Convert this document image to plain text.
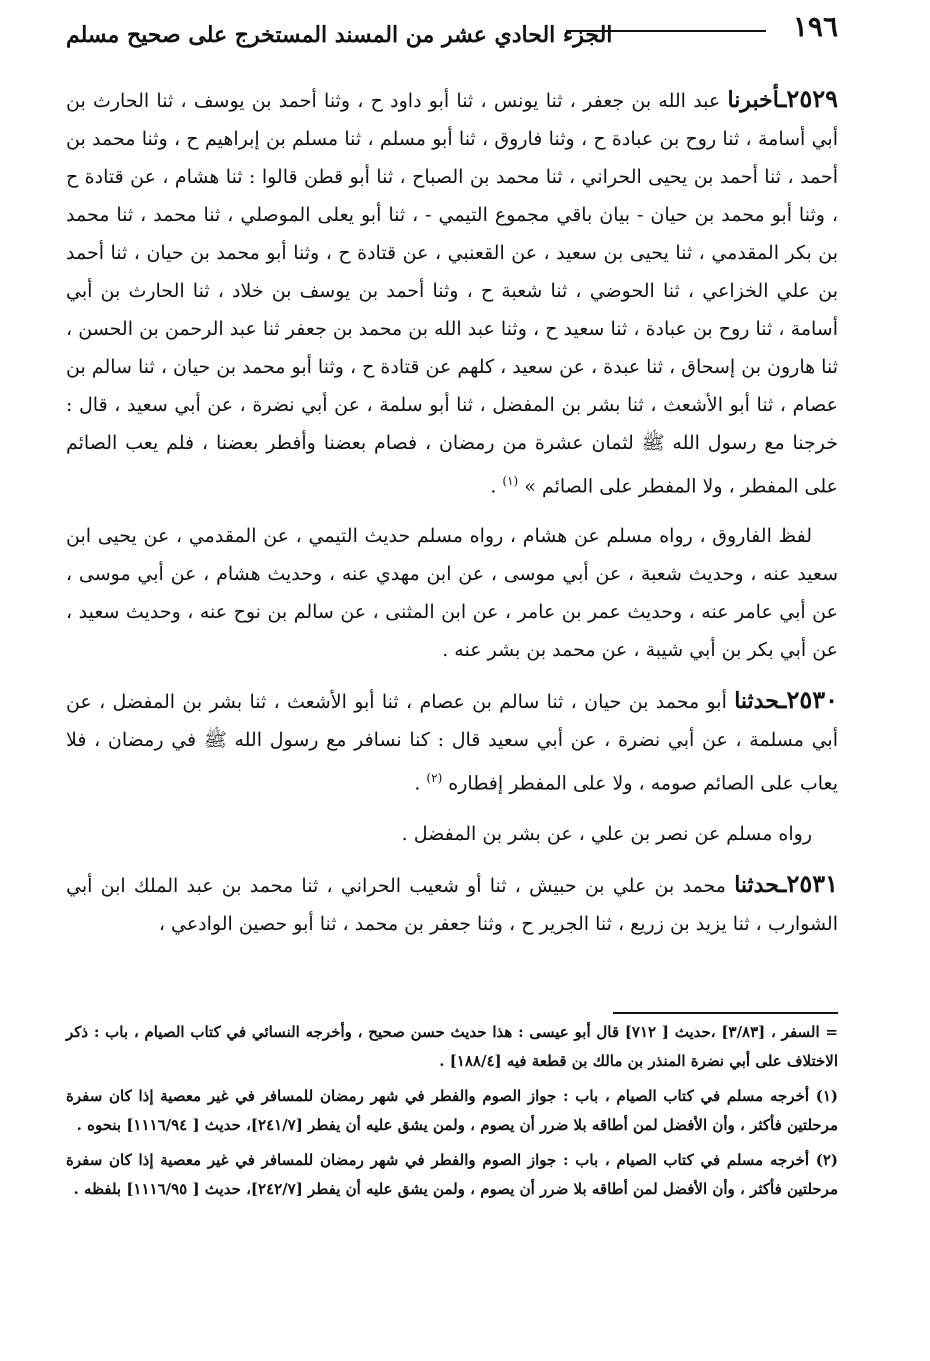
١٩٦
الجزء الحادي عشر من المسند المستخرج على صحيح مسلم

٢٥٢٩ـأخبرنا عبد الله بن جعفر ، ثنا يونس ، ثنا أبو داود ح ، وثنا أحمد بن يوسف ، ثنا الحارث بن أبي أسامة ، ثنا روح بن عبادة ح ، وثنا فاروق ، ثنا أبو مسلم ، ثنا مسلم بن إبراهيم ح ، وثنا محمد بن أحمد ، ثنا أحمد بن يحيى الحراني ، ثنا محمد بن الصباح ، ثنا أبو قطن قالوا : ثنا هشام ، عن قتادة ح ، وثنا أبو محمد بن حيان - بيان باقي مجموع التيمي - ، ثنا أبو يعلى الموصلي ، ثنا محمد ، ثنا محمد بن بكر المقدمي ، ثنا يحيى بن سعيد ، عن القعنبي ، عن قتادة ح ، وثنا أبو محمد بن حيان ، ثنا أحمد بن علي الخزاعي ، ثنا الحوضي ، ثنا شعبة ح ، وثنا أحمد بن يوسف بن خلاد ، ثنا الحارث بن أبي أسامة ، ثنا روح بن عبادة ، ثنا سعيد ح ، وثنا عبد الله بن محمد بن جعفر ثنا عبد الرحمن بن الحسن ، ثنا هارون بن إسحاق ، ثنا عبدة ، عن سعيد ، كلهم عن قتادة ح ، وثنا أبو محمد بن حيان ، ثنا سالم بن عصام ، ثنا أبو الأشعث ، ثنا بشر بن المفضل ، ثنا أبو سلمة ، عن أبي نضرة ، عن أبي سعيد ، قال : خرجنا مع رسول الله ﷺ لثمان عشرة من رمضان ، فصام بعضنا وأفطر بعضنا ، فلم يعب الصائم على المفطر ، ولا المفطر على الصائم » $^{(١)}$ .

لفظ الفاروق ، رواه مسلم عن هشام ، رواه مسلم حديث التيمي ، عن المقدمي ، عن يحيى ابن سعيد عنه ، وحديث شعبة ، عن أبي موسى ، عن ابن مهدي عنه ، وحديث هشام ، عن أبي موسى ، عن أبي عامر عنه ، وحديث عمر بن عامر ، عن ابن المثنى ، عن سالم بن نوح عنه ، وحديث سعيد ، عن أبي بكر بن أبي شيبة ، عن محمد بن بشر عنه .

٢٥٣٠ـحدثنا أبو محمد بن حيان ، ثنا سالم بن عصام ، ثنا أبو الأشعث ، ثنا بشر بن المفضل ، عن أبي مسلمة ، عن أبي نضرة ، عن أبي سعيد قال : كنا نسافر مع رسول الله ﷺ في رمضان ، فلا يعاب على الصائم صومه ، ولا على المفطر إفطاره $^{(٢)}$ .

رواه مسلم عن نصر بن علي ، عن بشر بن المفضل .

٢٥٣١ـحدثنا محمد بن علي بن حبيش ، ثنا أو شعيب الحراني ، ثنا محمد بن عبد الملك ابن أبي الشوارب ، ثنا يزيد بن زريع ، ثنا الجرير ح ، وثنا جعفر بن محمد ، ثنا أبو حصين الوادعي ،

= السفر ، [٣/٨٣] ،حديث [ ٧١٢] قال أبو عيسى : هذا حديث حسن صحيح ، وأخرجه النسائي في كتاب الصيام ، باب : ذكر الاختلاف على أبي نضرة المنذر بن مالك بن قطعة فيه [١٨٨/٤] .

(١) أخرجه مسلم في كتاب الصيام ، باب : جواز الصوم والفطر في شهر رمضان للمسافر في غير معصية إذا كان سفرة مرحلتين فأكثر ، وأن الأفضل لمن أطاقه بلا ضرر أن يصوم ، ولمن يشق عليه أن يفطر [٢٤١/٧]، حديث [ ١١١٦/٩٤] بنحوه .

(٢) أخرجه مسلم في كتاب الصيام ، باب : جواز الصوم والفطر في شهر رمضان للمسافر في غير معصية إذا كان سفرة مرحلتين فأكثر ، وأن الأفضل لمن أطاقه بلا ضرر أن يصوم ، ولمن يشق عليه أن يفطر [٢٤٢/٧]، حديث [ ١١١٦/٩٥] بلفظه .
